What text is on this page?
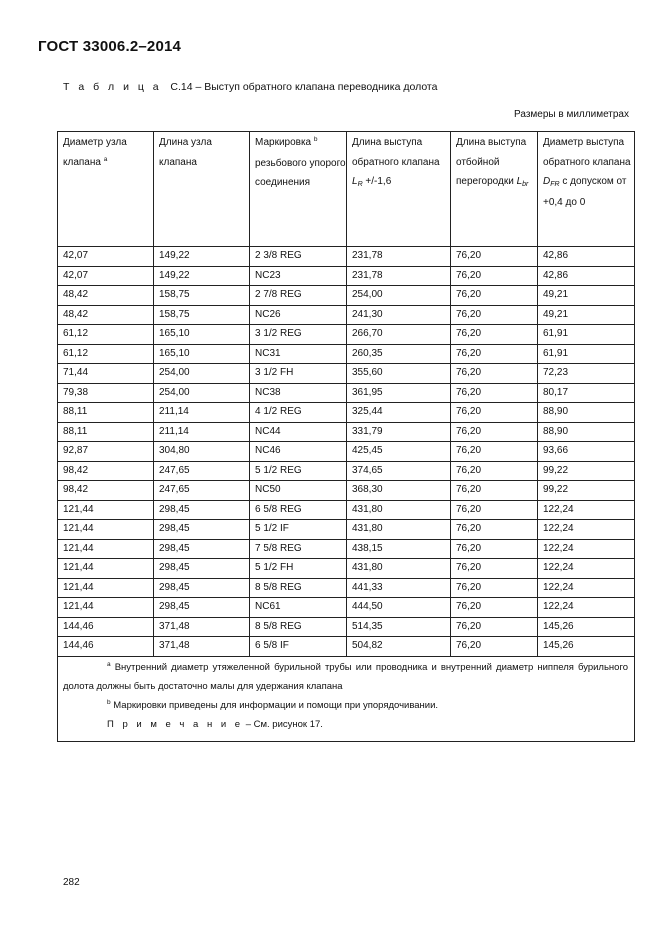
ГОСТ 33006.2–2014
Т а б л и ц а С.14 – Выступ обратного клапана переводника долота
Размеры в миллиметрах
Диаметр узла клапана $^а$	Длина узла клапана	Маркировка $^b$ резьбового упорого соединения	Длина выступа обратного клапана $L_R +/-1,6$	Длина выступа отбойной перегородки $L_{br}$	Диаметр выступа обратного клапана $D_{FR}$ с допуском от +0,4 до 0
42,07	149,22	2 3/8 REG	231,78	76,20	42,86
42,07	149,22	NC23	231,78	76,20	42,86
48,42	158,75	2 7/8 REG	254,00	76,20	49,21
48,42	158,75	NC26	241,30	76,20	49,21
61,12	165,10	3 1/2 REG	266,70	76,20	61,91
61,12	165,10	NC31	260,35	76,20	61,91
71,44	254,00	3 1/2 FH	355,60	76,20	72,23
79,38	254,00	NC38	361,95	76,20	80,17
88,11	211,14	4 1/2 REG	325,44	76,20	88,90
88,11	211,14	NC44	331,79	76,20	88,90
92,87	304,80	NC46	425,45	76,20	93,66
98,42	247,65	5 1/2 REG	374,65	76,20	99,22
98,42	247,65	NC50	368,30	76,20	99,22
121,44	298,45	6 5/8 REG	431,80	76,20	122,24
121,44	298,45	5 1/2 IF	431,80	76,20	122,24
121,44	298,45	7 5/8 REG	438,15	76,20	122,24
121,44	298,45	5 1/2 FH	431,80	76,20	122,24
121,44	298,45	8 5/8 REG	441,33	76,20	122,24
121,44	298,45	NC61	444,50	76,20	122,24
144,46	371,48	8 5/8 REG	514,35	76,20	145,26
144,46	371,48	6 5/8 IF	504,82	76,20	145,26

$^а$ Внутренний диаметр утяжеленной бурильной трубы или проводника и внутренний диаметр ниппеля бурильного долота должны быть достаточно малы для удержания клапана
$^b$ Маркировки приведены для информации и помощи при упорядочивании.
П р и м е ч а н и е – См. рисунок 17.					
282
